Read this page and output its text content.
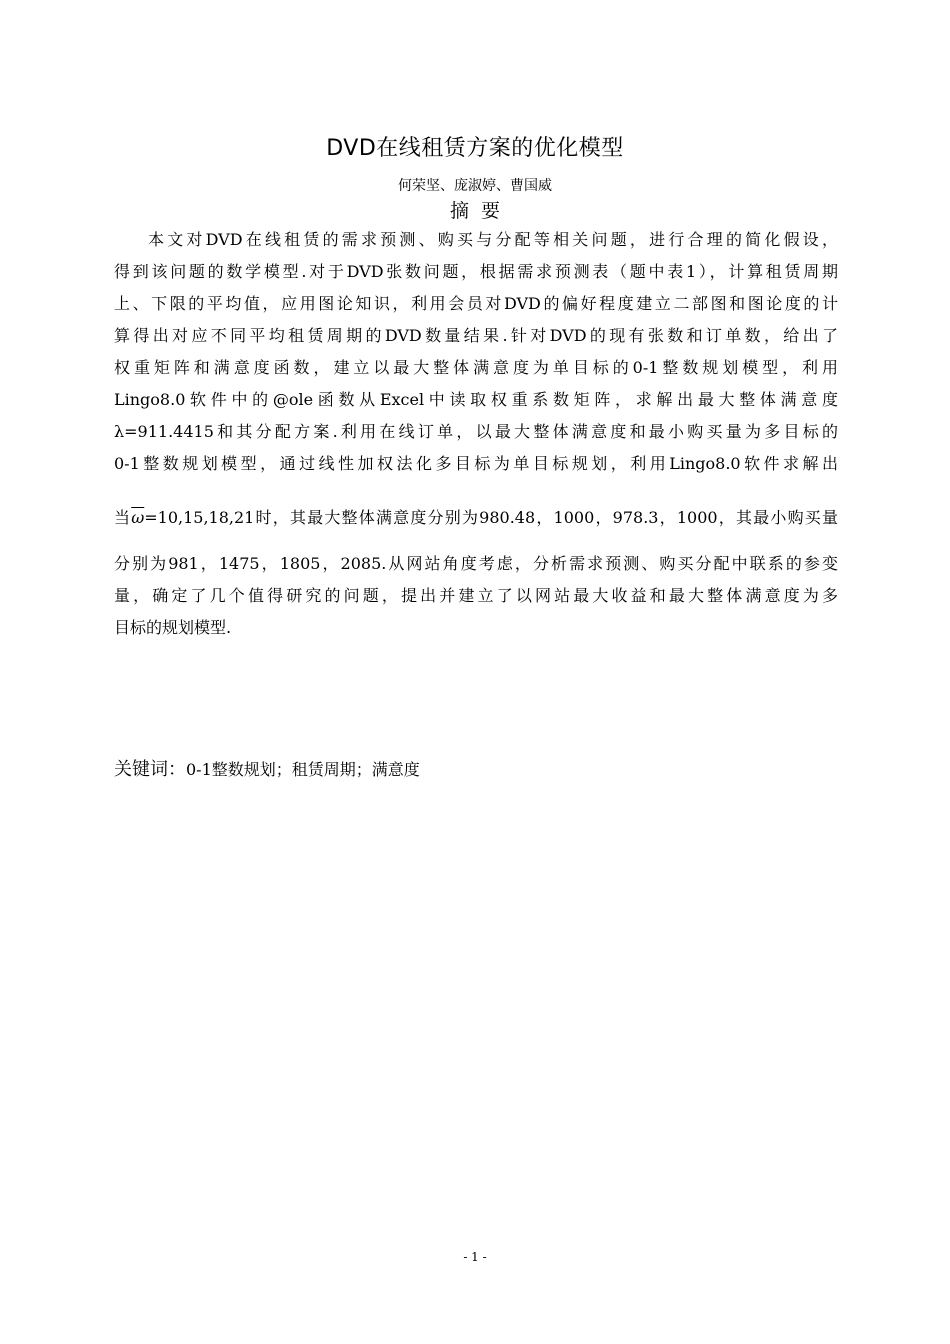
DVD在线租赁方案的优化模型
何荣坚、庞淑婷、曹国威
摘要
本文对DVD在线租赁的需求预测、购买与分配等相关问题，进行合理的简化假设，
得到该问题的数学模型.对于DVD张数问题，根据需求预测表（题中表1），计算租赁周期
上、下限的平均值，应用图论知识，利用会员对DVD的偏好程度建立二部图和图论度的计
算得出对应不同平均租赁周期的DVD数量结果.针对DVD的现有张数和订单数，给出了
权重矩阵和满意度函数，建立以最大整体满意度为单目标的0-1整数规划模型，利用
Lingo8.0软件中的@ole函数从Excel中读取权重系数矩阵，求解出最大整体满意度
λ=911.4415和其分配方案.利用在线订单，以最大整体满意度和最小购买量为多目标的
0-1整数规划模型，通过线性加权法化多目标为单目标规划，利用Lingo8.0软件求解出
当$\overline{\omega}=10,15,18,21$时，其最大整体满意度分别为980.48，1000，978.3，1000，其最小购买量
分别为981，1475，1805，2085.从网站角度考虑，分析需求预测、购买分配中联系的参变
量，确定了几个值得研究的问题，提出并建立了以网站最大收益和最大整体满意度为多
目标的规划模型.
关键词：0-1整数规划；租赁周期；满意度
- 1 -
